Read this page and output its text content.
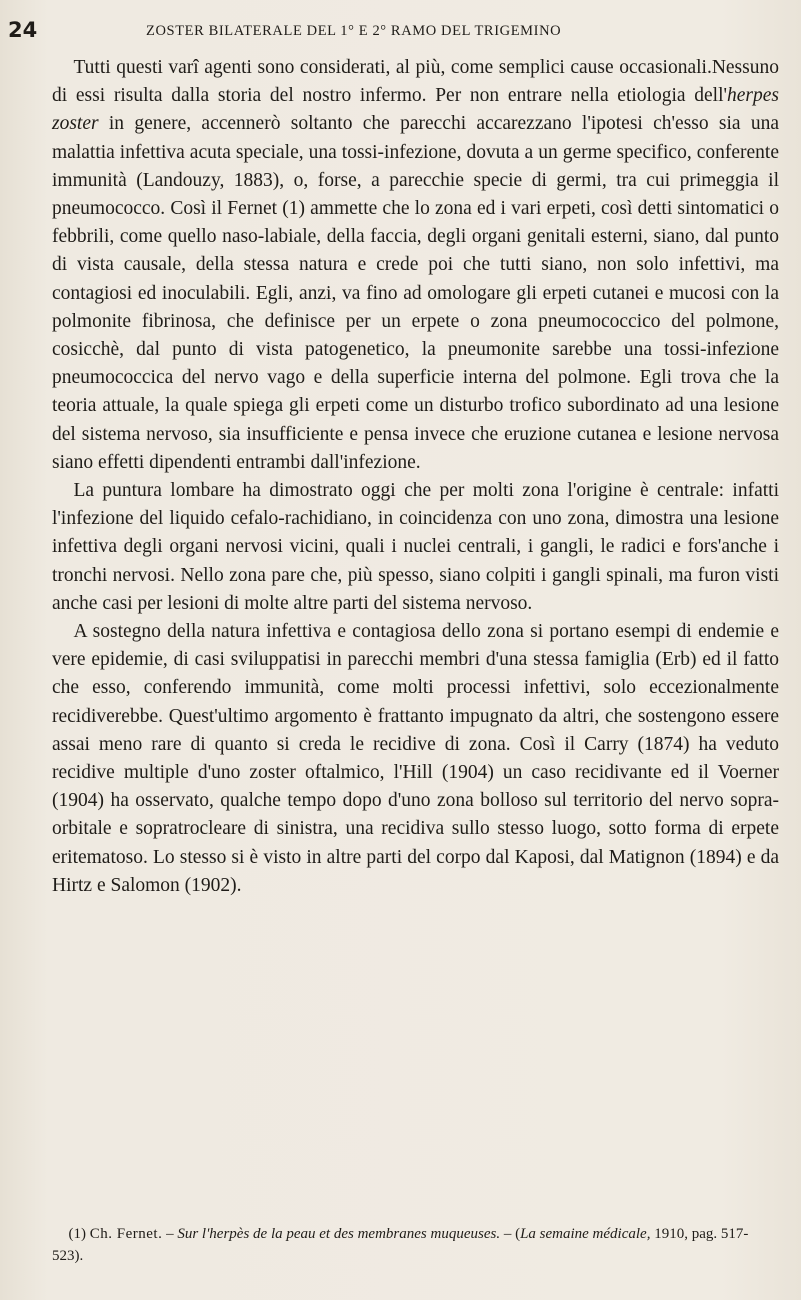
24	ZOSTER BILATERALE DEL 1° E 2° RAMO DEL TRIGEMINO

Tutti questi varî agenti sono considerati, al più, come semplici cause occasionali.Nessuno di essi risulta dalla storia del nostro infermo. Per non entrare nella etiologia dell'herpes zoster in genere, accennerò soltanto che parecchi accarezzano l'ipotesi ch'esso sia una malattia infettiva acuta speciale, una tossi-infezione, dovuta a un germe specifico, conferente immunità (Landouzy, 1883), o, forse, a parecchie specie di germi, tra cui primeggia il pneumococco. Così il Fernet (1) ammette che lo zona ed i vari erpeti, così detti sintomatici o febbrili, come quello naso-labiale, della faccia, degli organi genitali esterni, siano, dal punto di vista causale, della stessa natura e crede poi che tutti siano, non solo infettivi, ma contagiosi ed inoculabili. Egli, anzi, va fino ad omologare gli erpeti cutanei e mucosi con la polmonite fibrinosa, che definisce per un erpete o zona pneumococcico del polmone, cosicchè, dal punto di vista patogenetico, la pneumonite sarebbe una tossi-infezione pneumococcica del nervo vago e della superficie interna del polmone. Egli trova che la teoria attuale, la quale spiega gli erpeti come un disturbo trofico subordinato ad una lesione del sistema nervoso, sia insufficiente e pensa invece che eruzione cutanea e lesione nervosa siano effetti dipendenti entrambi dall'infezione.

La puntura lombare ha dimostrato oggi che per molti zona l'origine è centrale: infatti l'infezione del liquido cefalo-rachidiano, in coincidenza con uno zona, dimostra una lesione infettiva degli organi nervosi vicini, quali i nuclei centrali, i gangli, le radici e fors'anche i tronchi nervosi. Nello zona pare che, più spesso, siano colpiti i gangli spinali, ma furon visti anche casi per lesioni di molte altre parti del sistema nervoso.

A sostegno della natura infettiva e contagiosa dello zona si portano esempi di endemie e vere epidemie, di casi sviluppatisi in parecchi membri d'una stessa famiglia (Erb) ed il fatto che esso, conferendo immunità, come molti processi infettivi, solo eccezionalmente recidiverebbe. Quest'ultimo argomento è frattanto impugnato da altri, che sostengono essere assai meno rare di quanto si creda le recidive di zona. Così il Carry (1874) ha veduto recidive multiple d'uno zoster oftalmico, l'Hill (1904) un caso recidivante ed il Voerner (1904) ha osservato, qualche tempo dopo d'uno zona bolloso sul territorio del nervo sopra-orbitale e sopratrocleare di sinistra, una recidiva sullo stesso luogo, sotto forma di erpete eritematoso. Lo stesso si è visto in altre parti del corpo dal Kaposi, dal Matignon (1894) e da Hirtz e Salomon (1902).

(1) Ch. Fernet. – Sur l'herpès de la peau et des membranes muqueuses. – (La semaine médicale, 1910, pag. 517-523).
